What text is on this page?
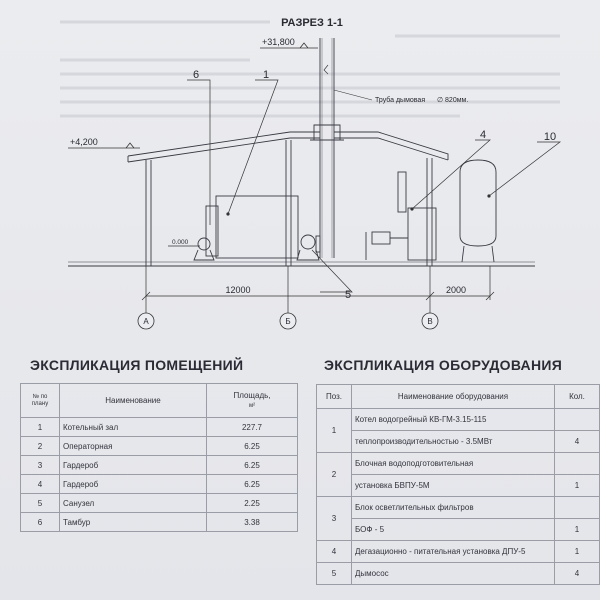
РАЗРЕЗ 1-1
+31,800
Труба дымовая ∅ 820мм.
+4,200
0.000
6	1
4	10
5
12000	2000
А	Б	В
ЭКСПЛИКАЦИЯ ПОМЕЩЕНИЙ
№ по плану	Наименование	Площадь,
м²
1	Котельный зал	227.7
2	Операторная	6.25
3	Гардероб	6.25
4	Гардероб	6.25
5	Санузел	2.25
6	Тамбур	3.38
ЭКСПЛИКАЦИЯ ОБОРУДОВАНИЯ
Поз.	Наименование оборудования	Кол.
1	Котел водогрейный КВ-ГМ-3.15-115	
	теплопроизводительностью - 3.5МВт	4
2	Блочная водоподготовительная	
	установка БВПУ-5М	1
3	Блок осветлительных фильтров	
	БОФ - 5	1
4	Дегазационно - питательная установка ДПУ-5	1
5	Дымосос	4
